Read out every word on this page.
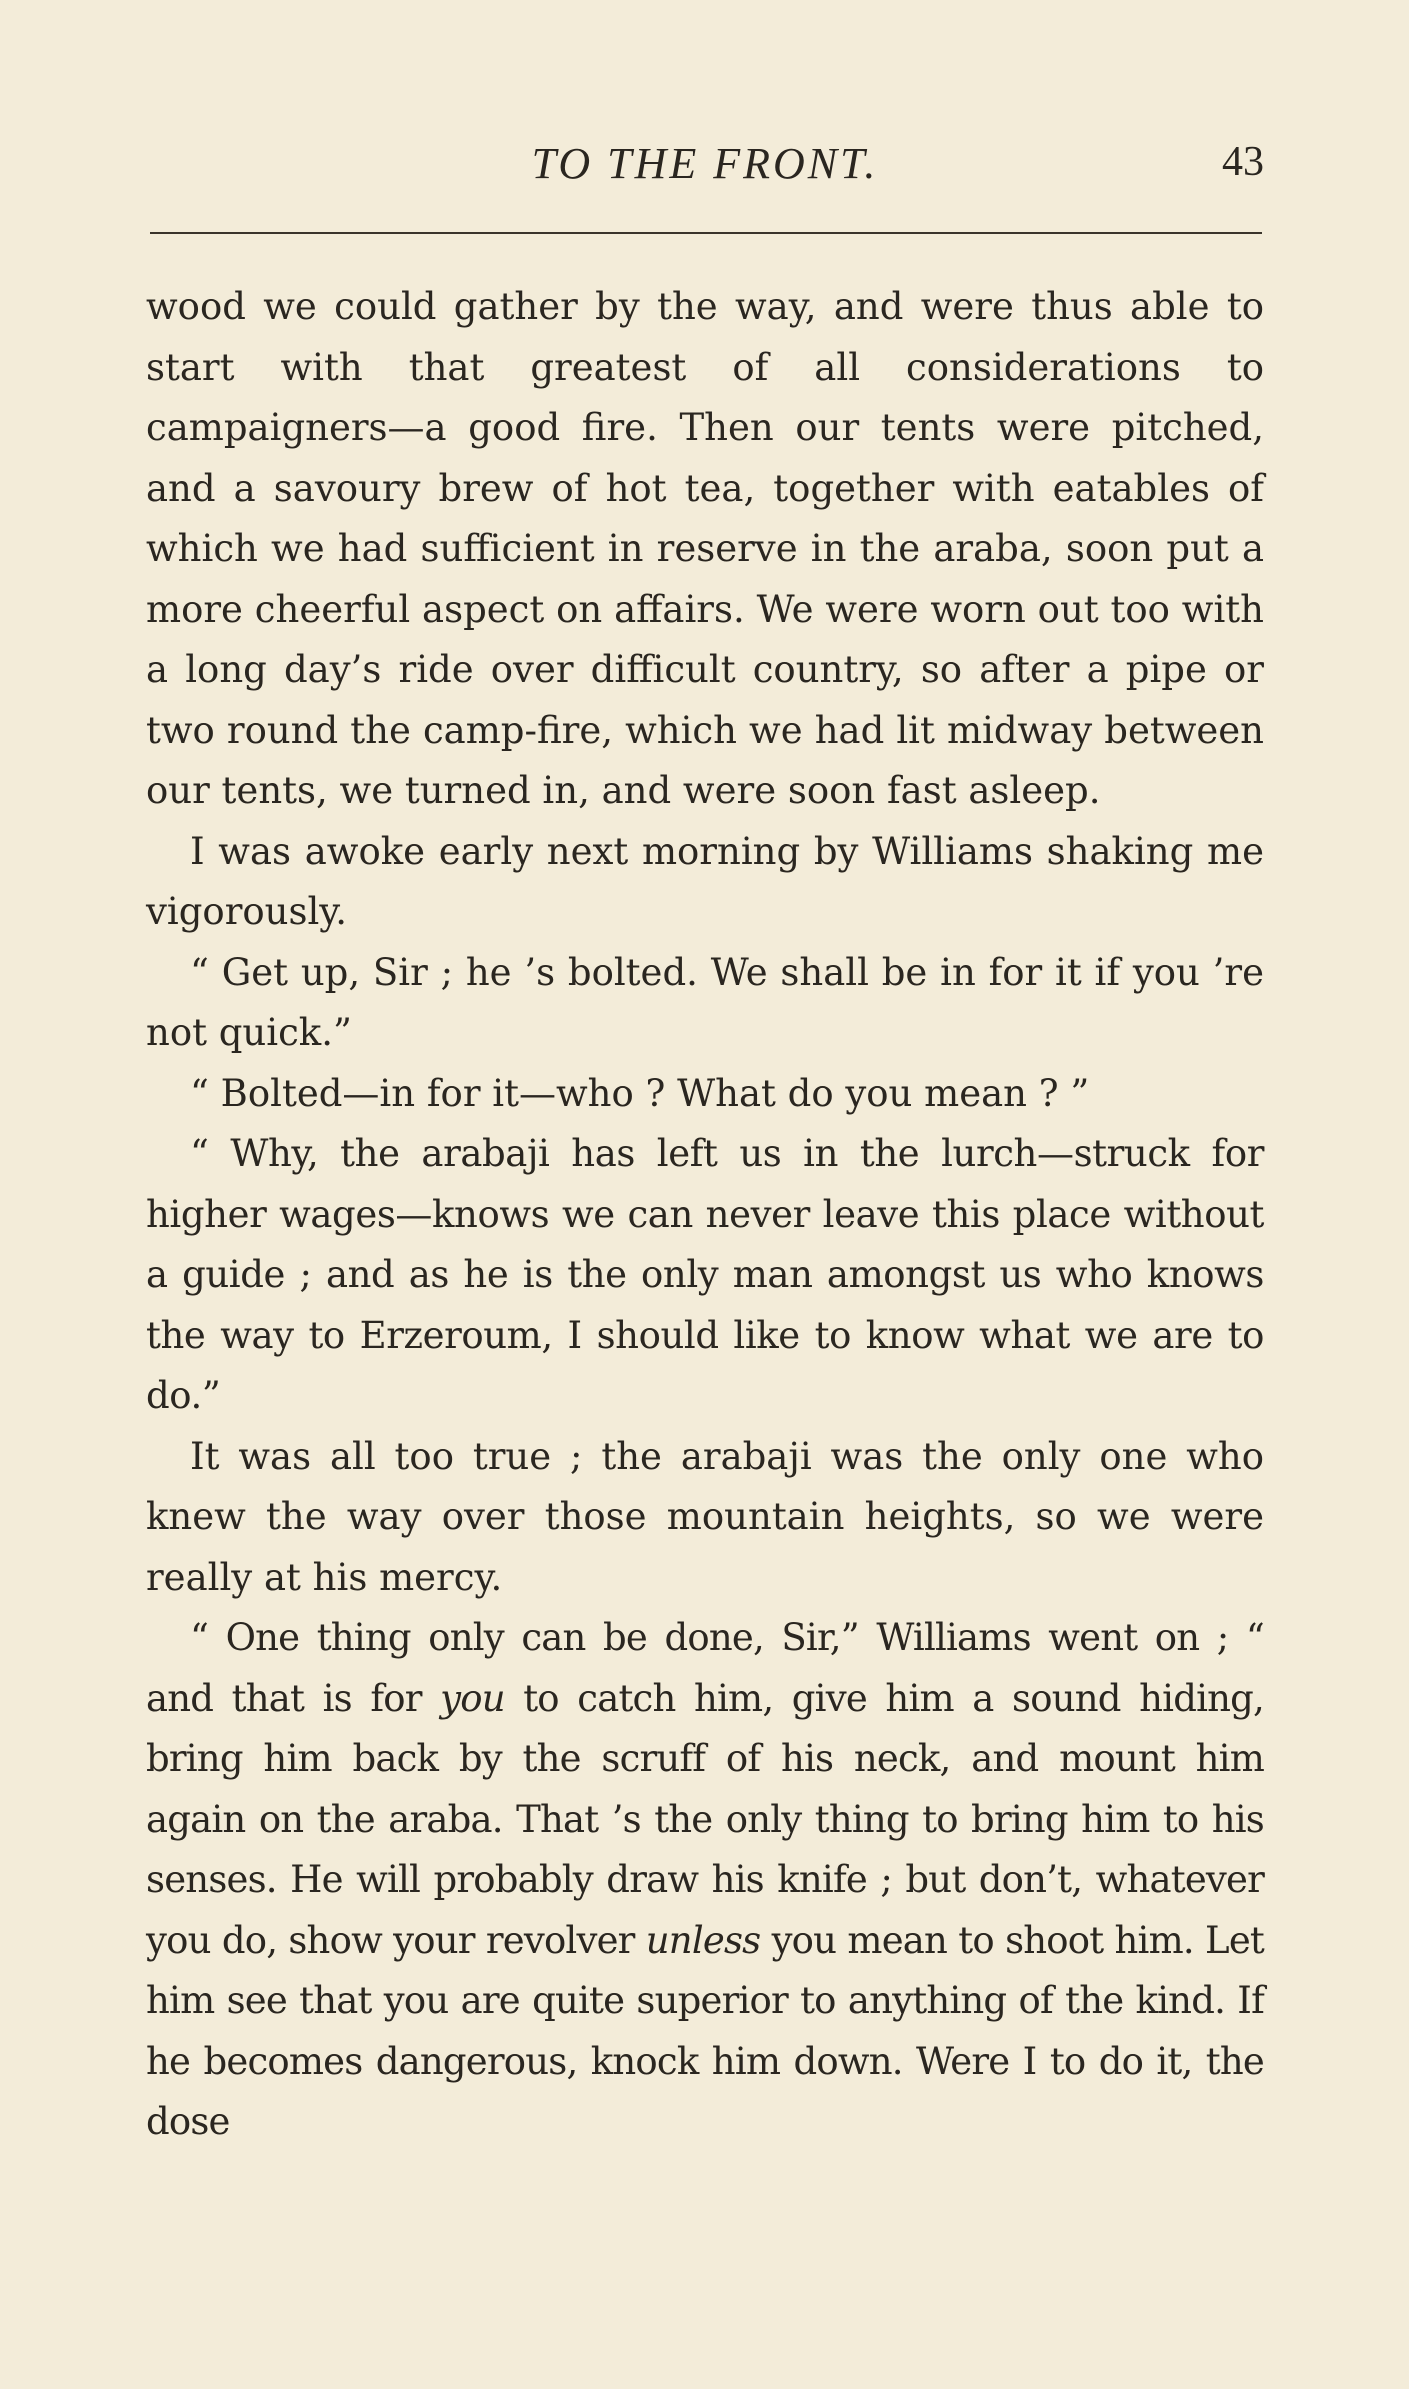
TO THE FRONT.	43

wood we could gather by the way, and were thus able to start with that greatest of all considerations to campaigners—a good fire. Then our tents were pitched, and a savoury brew of hot tea, together with eatables of which we had sufficient in reserve in the araba, soon put a more cheerful aspect on affairs. We were worn out too with a long day’s ride over difficult country, so after a pipe or two round the camp-fire, which we had lit midway between our tents, we turned in, and were soon fast asleep.

I was awoke early next morning by Williams shaking me vigorously.

“ Get up, Sir ; he ’s bolted. We shall be in for it if you ’re not quick.”

“ Bolted—in for it—who ? What do you mean ? ”

“ Why, the arabaji has left us in the lurch—struck for higher wages—knows we can never leave this place without a guide ; and as he is the only man amongst us who knows the way to Erzeroum, I should like to know what we are to do.”

It was all too true ; the arabaji was the only one who knew the way over those mountain heights, so we were really at his mercy.

“ One thing only can be done, Sir,” Williams went on ; “ and that is for you to catch him, give him a sound hiding, bring him back by the scruff of his neck, and mount him again on the araba. That ’s the only thing to bring him to his senses. He will probably draw his knife ; but don’t, whatever you do, show your revolver unless you mean to shoot him. Let him see that you are quite superior to anything of the kind. If he becomes dangerous, knock him down. Were I to do it, the dose
